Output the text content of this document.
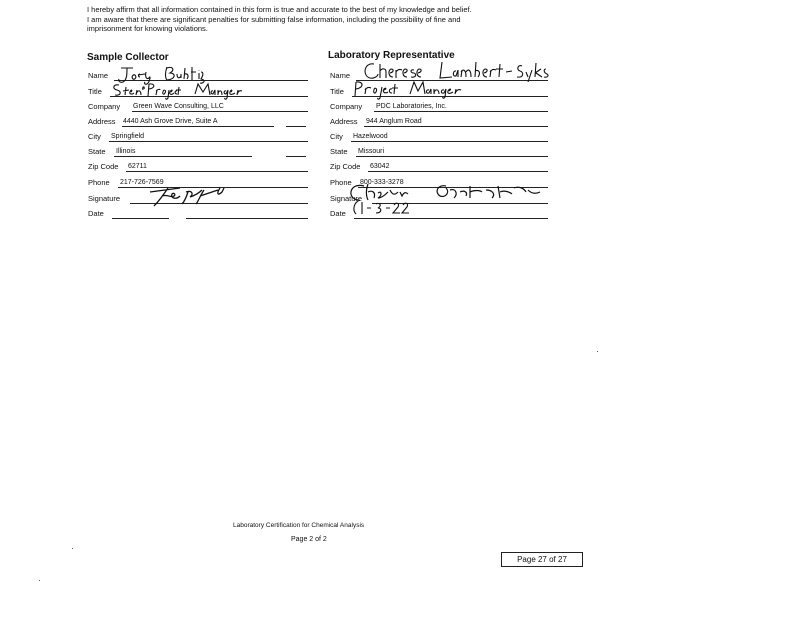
I hereby affirm that all information contained in this form is true and accurate to the best of my knowledge and belief.
I am aware that there are significant penalties for submitting false information, including the possibility of fine and
imprisonment for knowing violations.
Sample Collector
Name
Title
Company Green Wave Consulting, LLC
Address 4440 Ash Grove Drive, Suite A
City Springfield
State Illinois
Zip Code 62711
Phone 217-726-7569
Signature
Date
Laboratory Representative
Name
Title
Company PDC Laboratories, Inc.
Address 944 Anglum Road
City Hazelwood
State Missouri
Zip Code 63042
Phone 800-333-3278
Signature
Date
Laboratory Certification for Chemical Analysis
Page 2 of 2
Page 27 of 27
